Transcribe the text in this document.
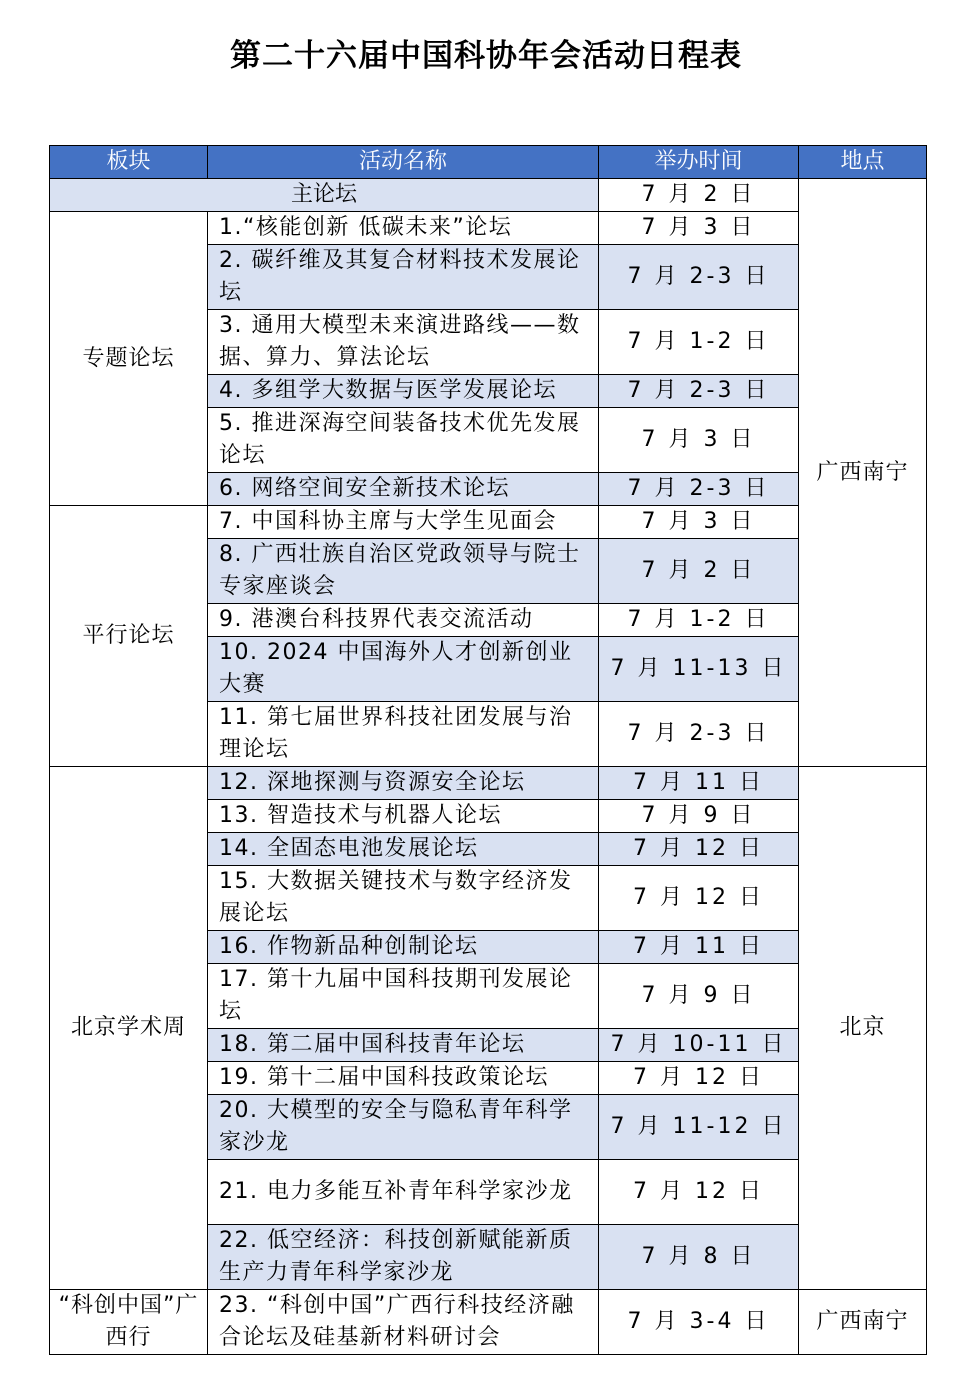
第二十六届中国科协年会活动日程表
板块	活动名称	举办时间	地点
主论坛		7 月 2 日	广西南宁
专题论坛	1.“核能创新 低碳未来”论坛	7 月 3 日	
	2. 碳纤维及其复合材料技术发展论坛	7 月 2-3 日	
	3. 通用大模型未来演进路线——数据、算力、算法论坛	7 月 1-2 日	
	4. 多组学大数据与医学发展论坛	7 月 2-3 日	
	5. 推进深海空间装备技术优先发展论坛	7 月 3 日	
	6. 网络空间安全新技术论坛	7 月 2-3 日	
平行论坛	7. 中国科协主席与大学生见面会	7 月 3 日	
	8. 广西壮族自治区党政领导与院士专家座谈会	7 月 2 日	
	9. 港澳台科技界代表交流活动	7 月 1-2 日	
	10. 2024 中国海外人才创新创业大赛	7 月 11-13 日	
	11. 第七届世界科技社团发展与治理论坛	7 月 2-3 日	
北京学术周	12. 深地探测与资源安全论坛	7 月 11 日	北京
	13. 智造技术与机器人论坛	7 月 9 日	
	14. 全固态电池发展论坛	7 月 12 日	
	15. 大数据关键技术与数字经济发展论坛	7 月 12 日	
	16. 作物新品种创制论坛	7 月 11 日	
	17. 第十九届中国科技期刊发展论坛	7 月 9 日	
	18. 第二届中国科技青年论坛	7 月 10-11 日	
	19. 第十二届中国科技政策论坛	7 月 12 日	
	20. 大模型的安全与隐私青年科学家沙龙	7 月 11-12 日	
	21. 电力多能互补青年科学家沙龙	7 月 12 日	
	22. 低空经济：科技创新赋能新质生产力青年科学家沙龙	7 月 8 日	
“科创中国”广西行	23. “科创中国”广西行科技经济融合论坛及硅基新材料研讨会	7 月 3-4 日	广西南宁
